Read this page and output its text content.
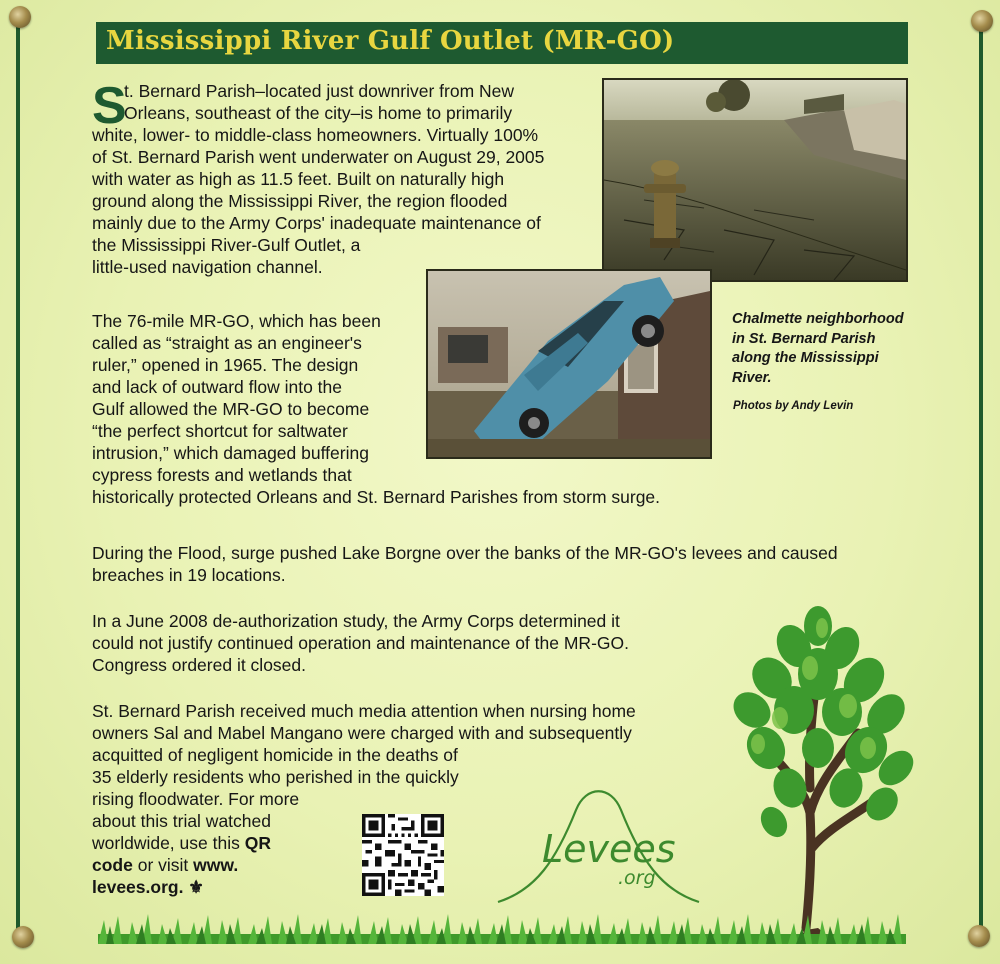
Mississippi River Gulf Outlet (MR-GO)
S
t. Bernard Parish–located just downriver from New
Orleans, southeast of the city–is home to primarily
white, lower- to middle-class homeowners. Virtually 100%
of St. Bernard Parish went underwater on August 29, 2005
with water as high as 11.5 feet. Built on naturally high
ground along the Mississippi River, the region flooded
mainly due to the Army Corps' inadequate maintenance of
the Mississippi River-Gulf Outlet, a
little-used navigation channel.
The 76-mile MR-GO, which has been
called as “straight as an engineer's
ruler,” opened in 1965. The design
and lack of outward flow into the
Gulf allowed the MR-GO to become
“the perfect shortcut for saltwater
intrusion,” which damaged buffering
cypress forests and wetlands that
historically protected Orleans and St. Bernard Parishes from storm surge.
During the Flood, surge pushed Lake Borgne over the banks of the MR-GO's levees and caused
breaches in 19 locations.
In a June 2008 de-authorization study, the Army Corps determined it
could not justify continued operation and maintenance of the MR-GO.
Congress ordered it closed.
St. Bernard Parish received much media attention when nursing home
owners Sal and Mabel Mangano were charged with and subsequently
acquitted of negligent homicide in the deaths of
35 elderly residents who perished in the quickly
rising floodwater. For more
about this trial watched
worldwide, use this QR
code or visit www.
levees.org. ⚜
Chalmette neighborhood
in St. Bernard Parish
along the Mississippi
River.
Photos by Andy Levin
Levees
.org
